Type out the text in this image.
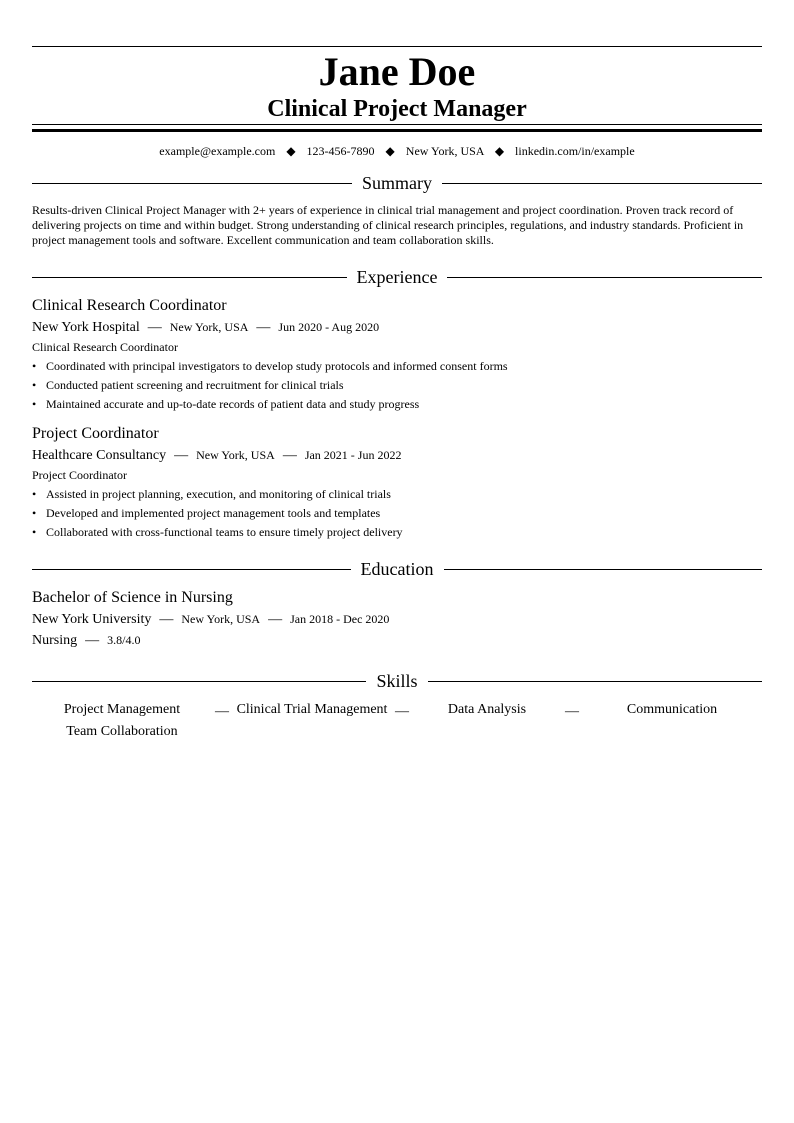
Jane Doe
Clinical Project Manager
example@example.com ◆ 123-456-7890 ◆ New York, USA ◆ linkedin.com/in/example
Summary
Results-driven Clinical Project Manager with 2+ years of experience in clinical trial management and project coordination. Proven track record of delivering projects on time and within budget. Strong understanding of clinical research principles, regulations, and industry standards. Proficient in project management tools and software. Excellent communication and team collaboration skills.
Experience
Clinical Research Coordinator
New York Hospital — New York, USA — Jun 2020 - Aug 2020
Clinical Research Coordinator
• Coordinated with principal investigators to develop study protocols and informed consent forms
• Conducted patient screening and recruitment for clinical trials
• Maintained accurate and up-to-date records of patient data and study progress
Project Coordinator
Healthcare Consultancy — New York, USA — Jan 2021 - Jun 2022
Project Coordinator
• Assisted in project planning, execution, and monitoring of clinical trials
• Developed and implemented project management tools and templates
• Collaborated with cross-functional teams to ensure timely project delivery
Education
Bachelor of Science in Nursing
New York University — New York, USA — Jan 2018 - Dec 2020
Nursing — 3.8/4.0
Skills
Project Management	— Clinical Trial Management —	Data Analysis	—	Communication
Team Collaboration
